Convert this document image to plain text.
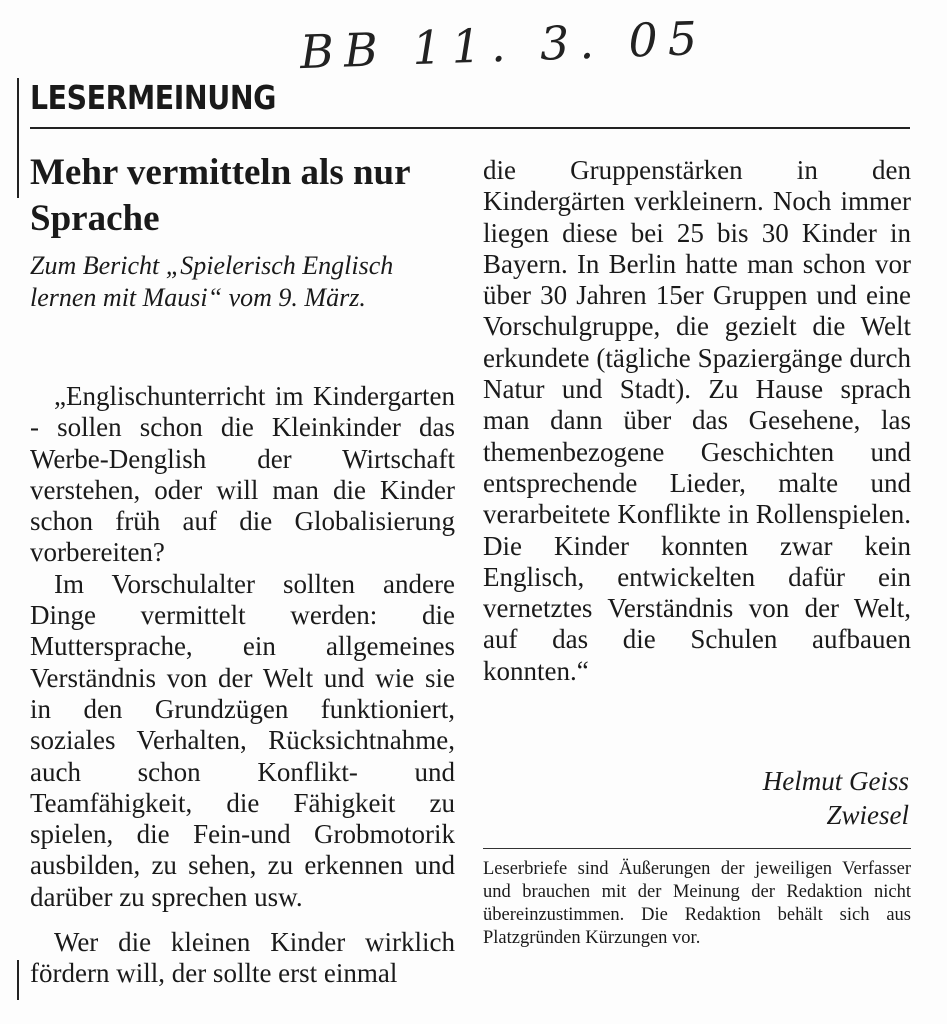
BB 11. 3. 05
LESERMEINUNG
Mehr vermitteln als nur Sprache
Zum Bericht „Spielerisch Englisch lernen mit Mausi“ vom 9. März.

„Englischunterricht im Kindergarten - sollen schon die Kleinkinder das Werbe-Denglish der Wirtschaft verstehen, oder will man die Kinder schon früh auf die Globalisierung vorbereiten?

Im Vorschulalter sollten andere Dinge vermittelt werden: die Muttersprache, ein allgemeines Verständnis von der Welt und wie sie in den Grundzügen funktioniert, soziales Verhalten, Rücksichtnahme, auch schon Konflikt- und Teamfähigkeit, die Fähigkeit zu spielen, die Fein-und Grobmotorik ausbilden, zu sehen, zu erkennen und darüber zu sprechen usw.

Wer die kleinen Kinder wirklich fördern will, der sollte erst einmal

die Gruppenstärken in den Kindergärten verkleinern. Noch immer liegen diese bei 25 bis 30 Kinder in Bayern. In Berlin hatte man schon vor über 30 Jahren 15er Gruppen und eine Vorschulgruppe, die gezielt die Welt erkundete (tägliche Spaziergänge durch Natur und Stadt). Zu Hause sprach man dann über das Gesehene, las themenbezogene Geschichten und entsprechende Lieder, malte und verarbeitete Konflikte in Rollenspielen. Die Kinder konnten zwar kein Englisch, entwickelten dafür ein vernetztes Verständnis von der Welt, auf das die Schulen aufbauen konnten.“

Helmut Geiss
Zwiesel
Leserbriefe sind Äußerungen der jeweiligen Verfasser und brauchen mit der Meinung der Redaktion nicht übereinzustimmen. Die Redaktion behält sich aus Platzgründen Kürzungen vor.
